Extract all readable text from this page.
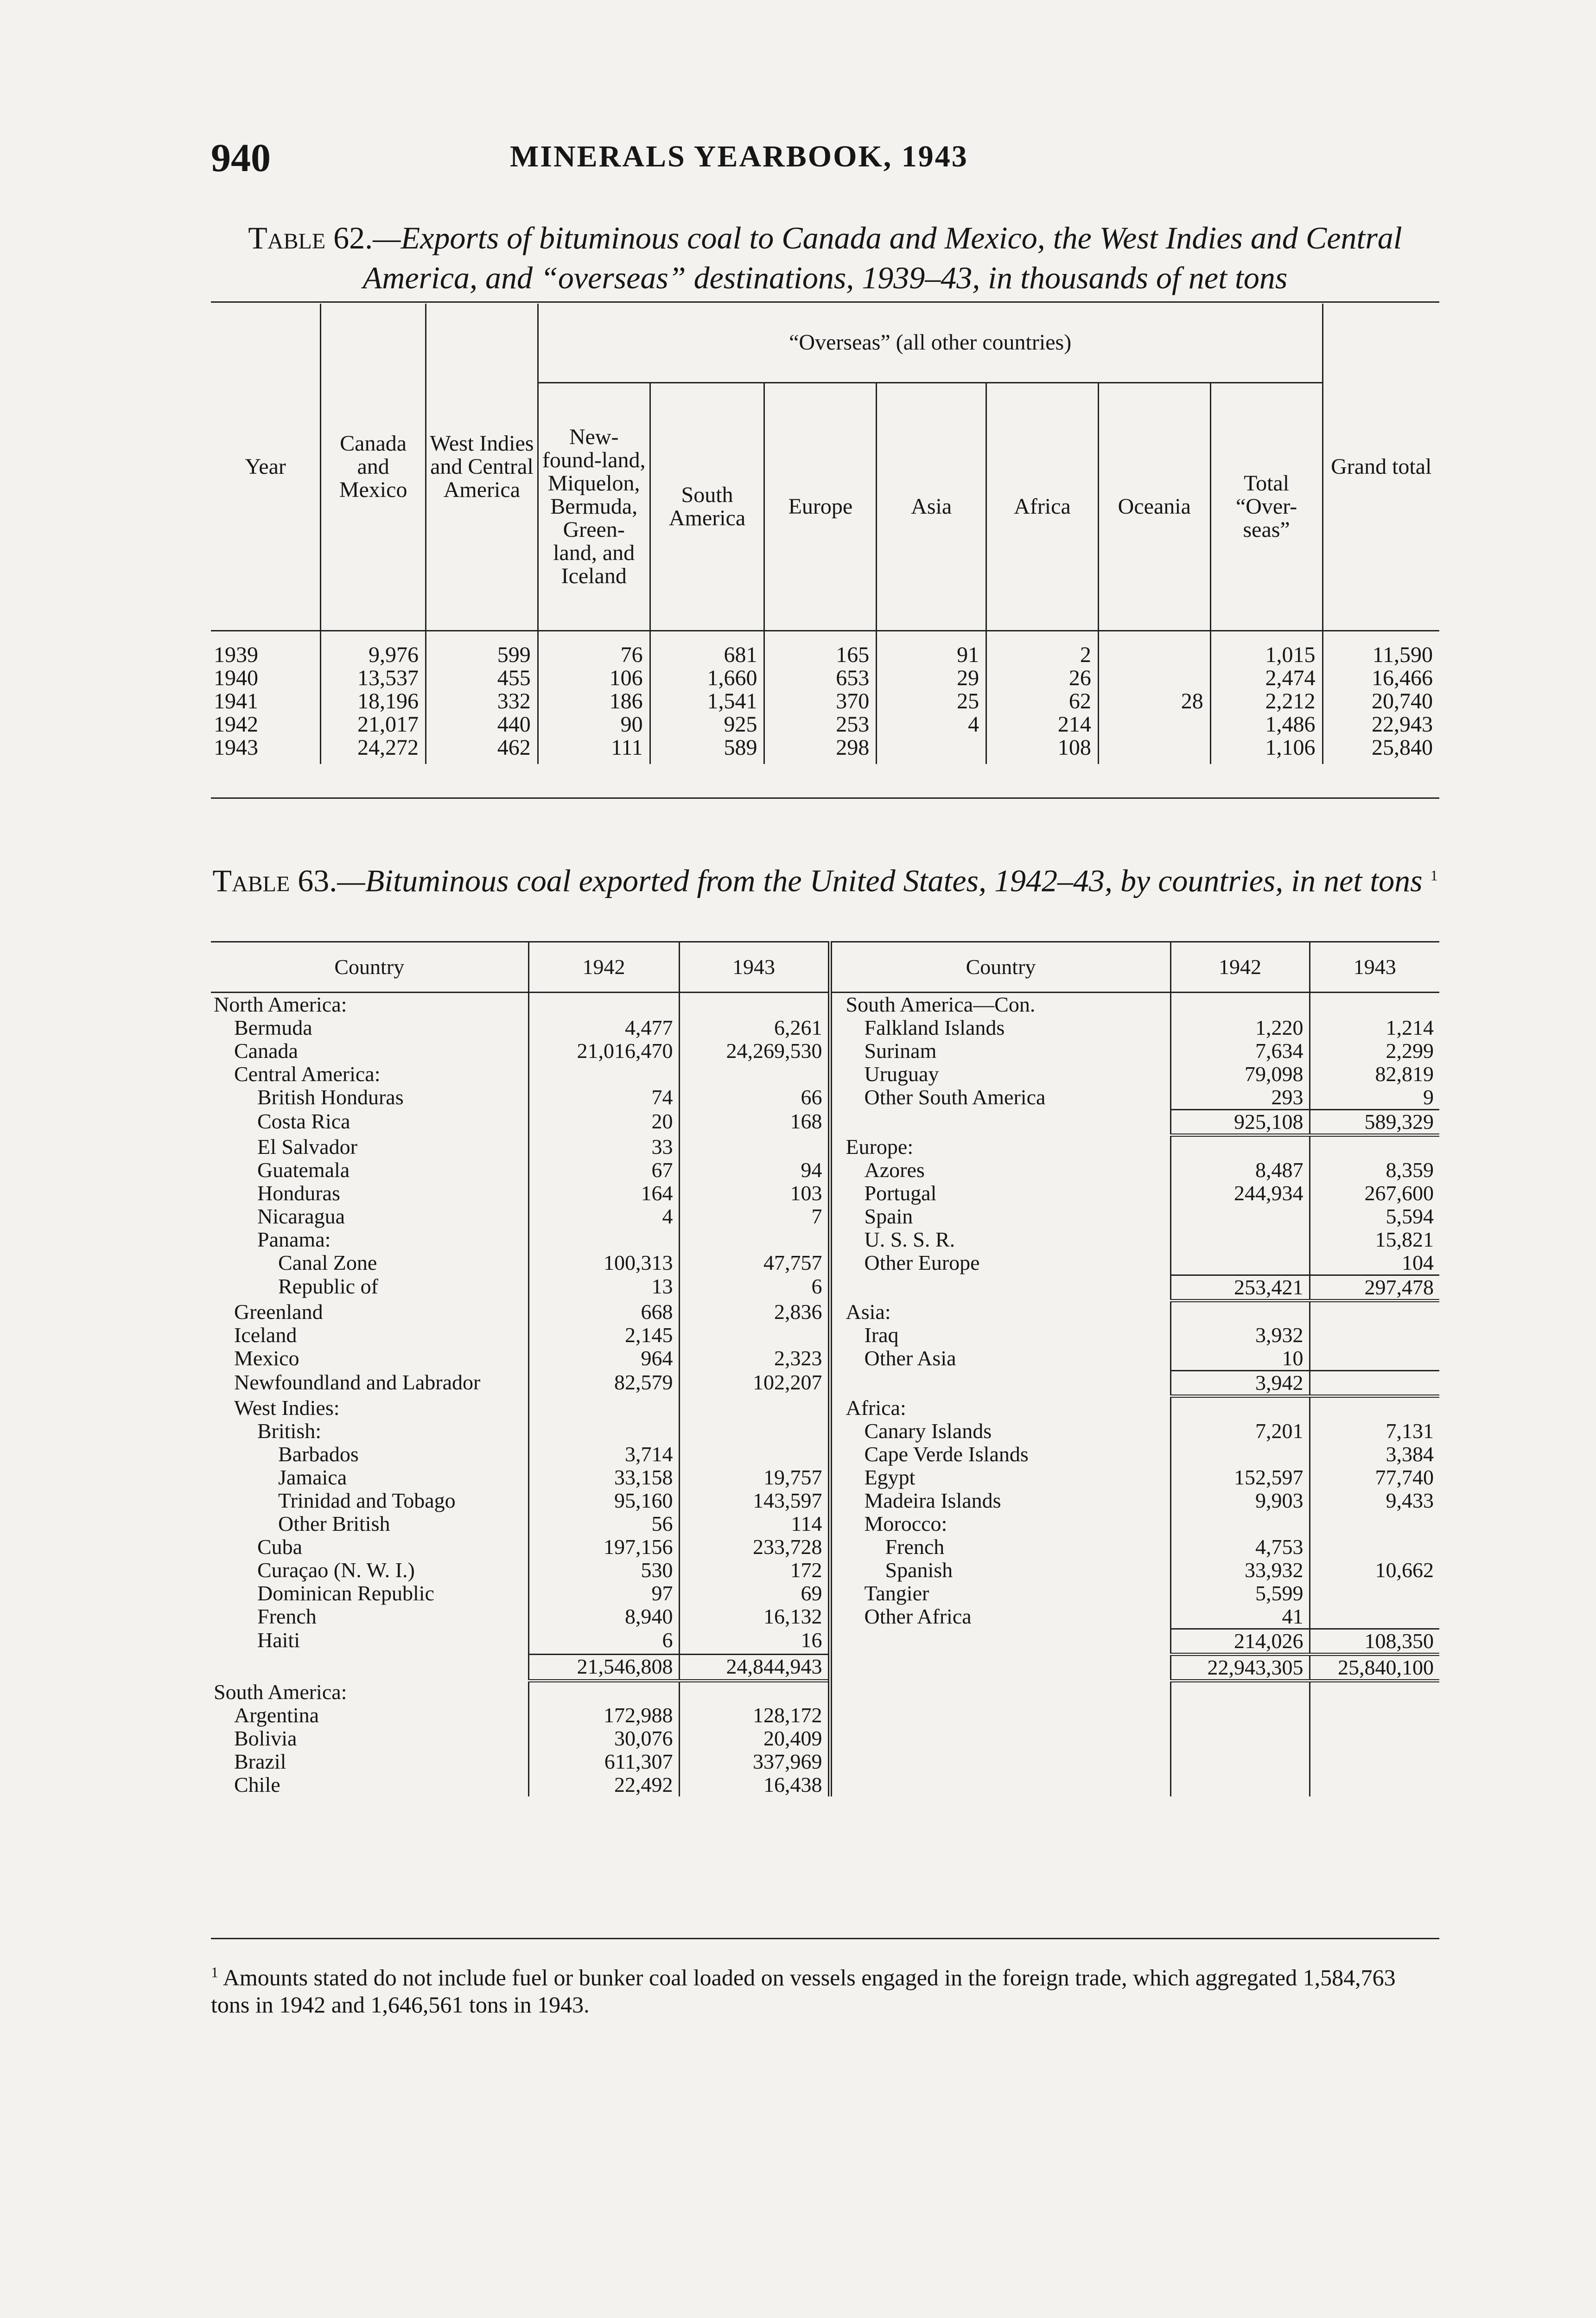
940	MINERALS YEARBOOK, 1943
Table 62.—Exports of bituminous coal to Canada and Mexico, the West Indies and Central America, and “overseas” destinations, 1939–43, in thousands of net tons
Year	Canada and Mexico	West Indies and Central America	“Overseas” (all other countries)							Grand total
			New-found-land, Miquelon, Bermuda, Green-land, and Iceland	South America	Europe	Asia	Africa	Oceania	Total “Over-seas”	
1939	9,976	599	76	681	165	91	2		1,015	11,590
1940	13,537	455	106	1,660	653	29	26		2,474	16,466
1941	18,196	332	186	1,541	370	25	62	28	2,212	20,740
1942	21,017	440	90	925	253	4	214		1,486	22,943
1943	24,272	462	111	589	298		108		1,106	25,840
Table 63.—Bituminous coal exported from the United States, 1942–43, by countries, in net tons $^1$
Country	1942	1943	Country	1942	1943
North America:			South America—Con.		
Bermuda	4,477	6,261	Falkland Islands	1,220	1,214
Canada	21,016,470	24,269,530	Surinam	7,634	2,299
Central America:			Uruguay	79,098	82,819
British Honduras	74	66	Other South America	293	9
Costa Rica	20	168		925,108	589,329
El Salvador	33		Europe:		
Guatemala	67	94	Azores	8,487	8,359
Honduras	164	103	Portugal	244,934	267,600
Nicaragua	4	7	Spain		5,594
Panama:			U. S. S. R.		15,821
Canal Zone	100,313	47,757	Other Europe		104
Republic of	13	6		253,421	297,478
Greenland	668	2,836	Asia:		
Iceland	2,145		Iraq	3,932	
Mexico	964	2,323	Other Asia	10	
Newfoundland and Labrador	82,579	102,207		3,942	
West Indies:			Africa:		
British:			Canary Islands	7,201	7,131
Barbados	3,714		Cape Verde Islands		3,384
Jamaica	33,158	19,757	Egypt	152,597	77,740
Trinidad and Tobago	95,160	143,597	Madeira Islands	9,903	9,433
Other British	56	114	Morocco:		
Cuba	197,156	233,728	French	4,753	
Curaçao (N. W. I.)	530	172	Spanish	33,932	10,662
Dominican Republic	97	69	Tangier	5,599	
French	8,940	16,132	Other Africa	41	
Haiti	6	16		214,026	108,350
	21,546,808	24,844,943		22,943,305	25,840,100
South America:					
Argentina	172,988	128,172			
Bolivia	30,076	20,409			
Brazil	611,307	337,969			
Chile	22,492	16,438			
$^1$ Amounts stated do not include fuel or bunker coal loaded on vessels engaged in the foreign trade, which aggregated 1,584,763 tons in 1942 and 1,646,561 tons in 1943.
